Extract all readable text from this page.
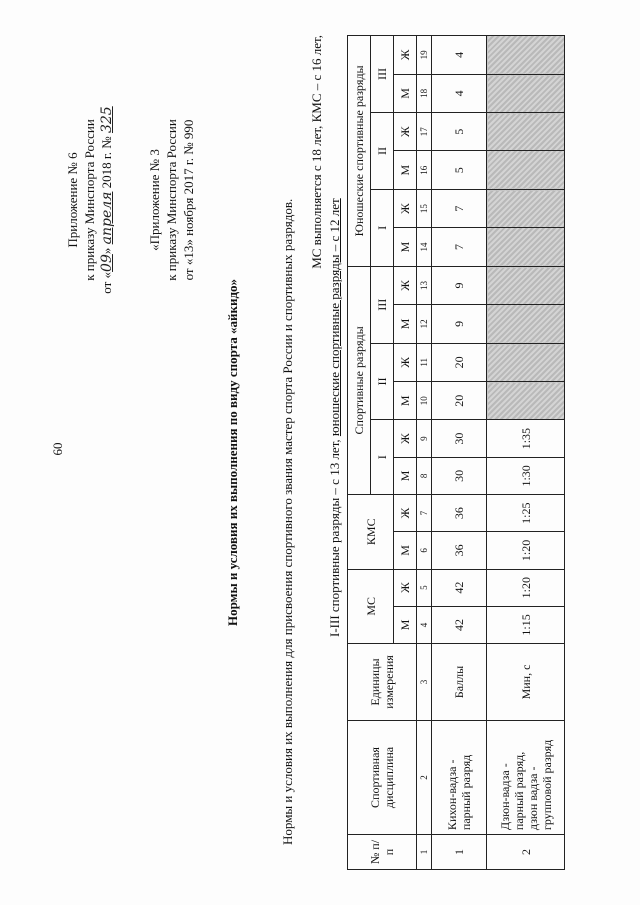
60
Приложение № 6 к приказу Минспорта России
от «09» апреля 2018 г. № 325
«Приложение № 3 к приказу Минспорта России от «13» ноября 2017 г. № 990
Нормы и условия их выполнения по виду спорта «айкидо»	Нормы и условия их выполнения для присвоения спортивного звания мастер спорта России и спортивных разрядов.
МС выполняется с 18 лет, КМС – с 16 лет,
I-III спортивные разряды – с 13 лет, юношеские спортивные разряды – с 12 лет
№ п/п	Спортивная дисциплина	Единицы измерения	МС		КМС		Спортивные разряды						Юношеские спортивные разряды					
							I		II		III		I		II		III	
			М	Ж	М	Ж	М	Ж	М	Ж	М	Ж	М	Ж	М	Ж	М	Ж
1	2	3	4	5	6	7	8	9	10	11	12	13	14	15	16	17	18	19
1	Кихон-вадза - парный разряд	Баллы	42	42	36	36	30	30	20	20	9	9	7	7	5	5	4	4
2	Дзюн-вадза - парный разряд, дзюн вадза - групповой разряд	Мин, с	1:15	1:20	1:20	1:25	1:30	1:35										
